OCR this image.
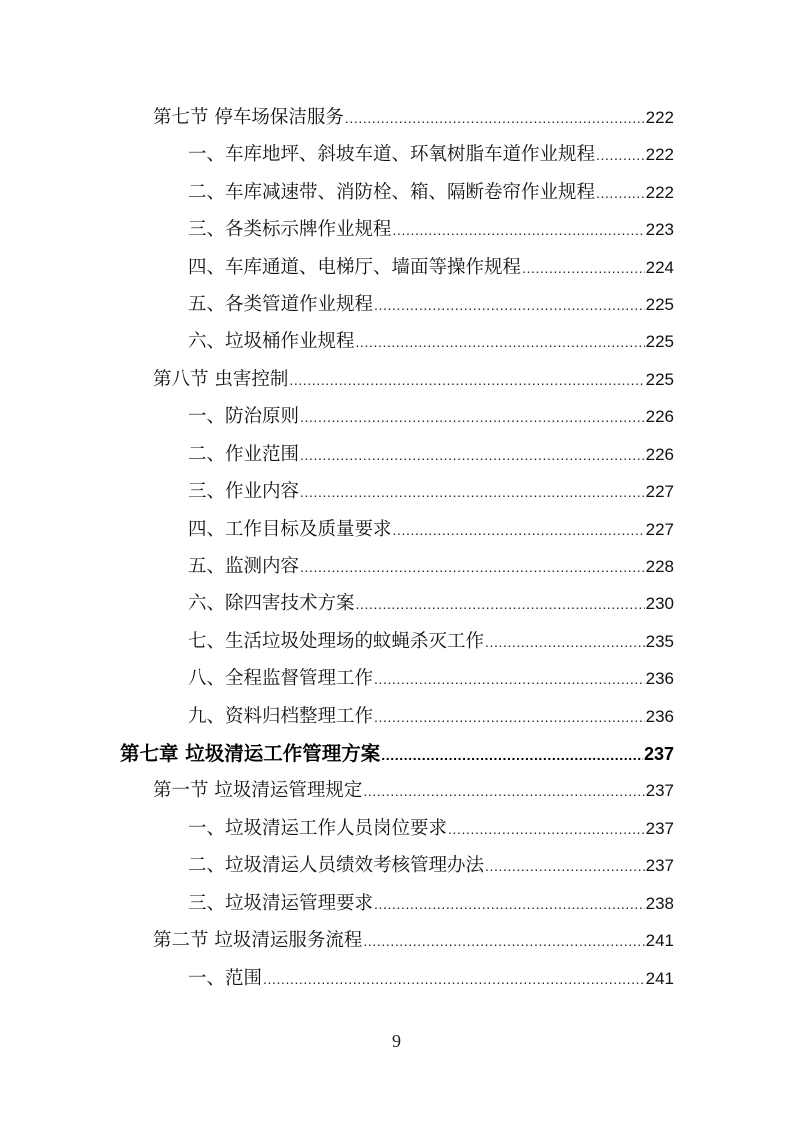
第七节 停车场保洁服务 .....	222
一、车库地坪、斜坡车道、环氧树脂车道作业规程 .....	222
二、车库减速带、消防栓、箱、隔断卷帘作业规程 .....	222
三、各类标示牌作业规程 .....	223
四、车库通道、电梯厅、墙面等操作规程 .....	224
五、各类管道作业规程 .....	225
六、垃圾桶作业规程 .....	225
第八节 虫害控制 .....	225
一、防治原则 .....	226
二、作业范围 .....	226
三、作业内容 .....	227
四、工作目标及质量要求 .....	227
五、监测内容 .....	228
六、除四害技术方案 .....	230
七、生活垃圾处理场的蚊蝇杀灭工作 .....	235
八、全程监督管理工作 .....	236
九、资料归档整理工作 .....	236
第七章 垃圾清运工作管理方案 .....	237
第一节 垃圾清运管理规定 .....	237
一、垃圾清运工作人员岗位要求 .....	237
二、垃圾清运人员绩效考核管理办法 .....	237
三、垃圾清运管理要求 .....	238
第二节 垃圾清运服务流程 .....	241
一、范围 .....	241
9
